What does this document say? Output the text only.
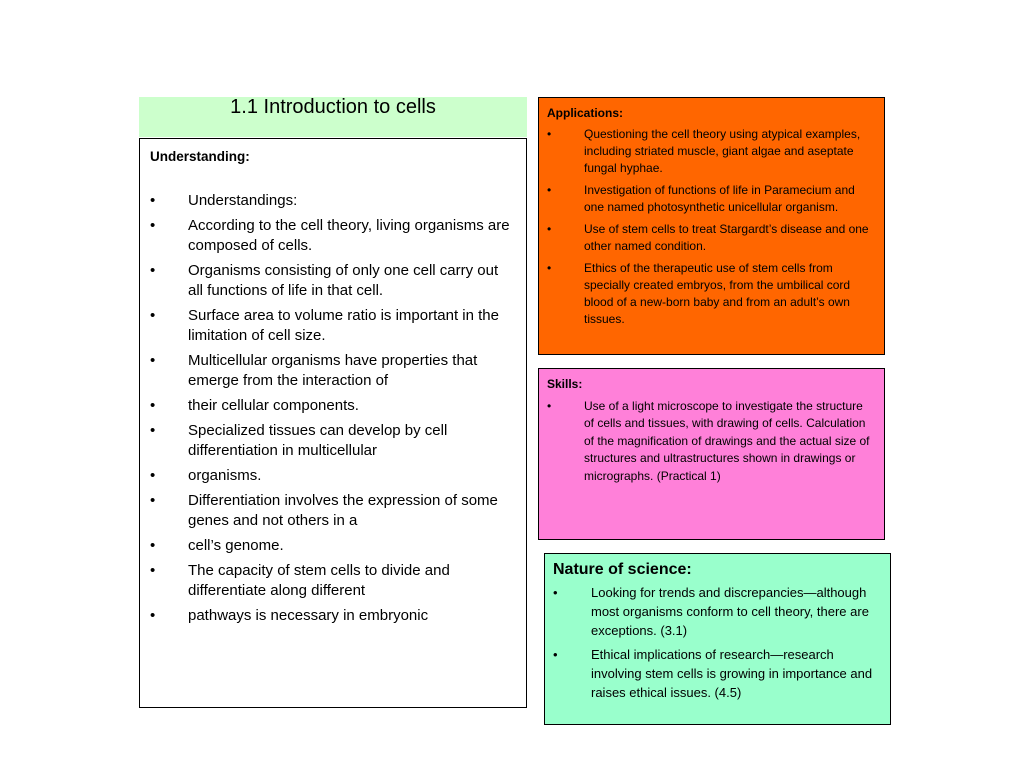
1.1 Introduction to cells
Understanding:
• Understandings:
• According to the cell theory, living organisms are composed of cells.
• Organisms consisting of only one cell carry out all functions of life in that cell.
• Surface area to volume ratio is important in the limitation of cell size.
• Multicellular organisms have properties that emerge from the interaction of
• their cellular components.
• Specialized tissues can develop by cell differentiation in multicellular
• organisms.
• Differentiation involves the expression of some genes and not others in a
• cell’s genome.
• The capacity of stem cells to divide and differentiate along different
• pathways is necessary in embryonic
Applications:
•	Questioning the cell theory using atypical examples, including striated muscle, giant algae and aseptate fungal hyphae.
•	Investigation of functions of life in Paramecium and one named photosynthetic unicellular organism.
•	Use of stem cells to treat Stargardt’s disease and one other named condition.
•	Ethics of the therapeutic use of stem cells from specially created embryos, from the umbilical cord blood of a new-born baby and from an adult’s own tissues.
Skills:
•	Use of a light microscope to investigate the structure of cells and tissues, with drawing of cells. Calculation of the magnification of drawings and the actual size of structures and ultrastructures shown in drawings or micrographs. (Practical 1)
Nature of science:
•	Looking for trends and discrepancies—although most organisms conform to cell theory, there are exceptions. (3.1)
•	Ethical implications of research—research involving stem cells is growing in importance and raises ethical issues. (4.5)
